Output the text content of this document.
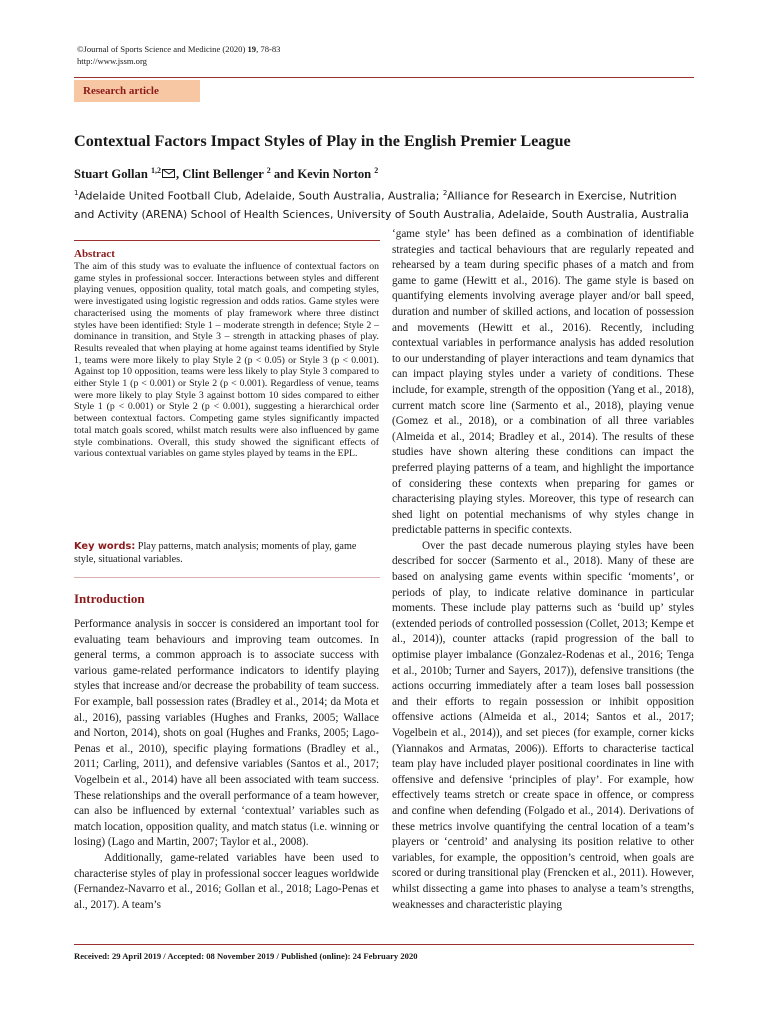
©Journal of Sports Science and Medicine (2020) 19, 78-83
http://www.jssm.org
Research article
Contextual Factors Impact Styles of Play in the English Premier League
Stuart Gollan $^{1,2}$ , Clint Bellenger $^2$ and Kevin Norton $^2$
$^1$Adelaide United Football Club, Adelaide, South Australia, Australia; $^2$Alliance for Research in Exercise, Nutrition and Activity (ARENA) School of Health Sciences, University of South Australia, Adelaide, South Australia, Australia
Abstract
The aim of this study was to evaluate the influence of contextual factors on game styles in professional soccer. Interactions between styles and different playing venues, opposition quality, total match goals, and competing styles, were investigated using logistic regression and odds ratios. Game styles were characterised using the moments of play framework where three distinct styles have been identified: Style 1 – moderate strength in defence; Style 2 – dominance in transition, and Style 3 – strength in attacking phases of play. Results revealed that when playing at home against teams identified by Style 1, teams were more likely to play Style 2 (p < 0.05) or Style 3 (p < 0.001). Against top 10 opposition, teams were less likely to play Style 3 compared to either Style 1 (p < 0.001) or Style 2 (p < 0.001). Regardless of venue, teams were more likely to play Style 3 against bottom 10 sides compared to either Style 1 (p < 0.001) or Style 2 (p < 0.001), suggesting a hierarchical order between contextual factors. Competing game styles significantly impacted total match goals scored, whilst match results were also influenced by game style combinations. Overall, this study showed the significant effects of various contextual variables on game styles played by teams in the EPL.
Key words: Play patterns, match analysis; moments of play, game style, situational variables.
Introduction

Performance analysis in soccer is considered an important tool for evaluating team behaviours and improving team outcomes. In general terms, a common approach is to associate success with various game-related performance indicators to identify playing styles that increase and/or decrease the probability of team success. For example, ball possession rates (Bradley et al., 2014; da Mota et al., 2016), passing variables (Hughes and Franks, 2005; Wallace and Norton, 2014), shots on goal (Hughes and Franks, 2005; Lago-Penas et al., 2010), specific playing formations (Bradley et al., 2011; Carling, 2011), and defensive variables (Santos et al., 2017; Vogelbein et al., 2014) have all been associated with team success. These relationships and the overall performance of a team however, can also be influenced by external ‘contextual’ variables such as match location, opposition quality, and match status (i.e. winning or losing) (Lago and Martin, 2007; Taylor et al., 2008).

Additionally, game-related variables have been used to characterise styles of play in professional soccer leagues worldwide (Fernandez-Navarro et al., 2016; Gollan et al., 2018; Lago-Penas et al., 2017). A team’s

‘game style’ has been defined as a combination of identifiable strategies and tactical behaviours that are regularly repeated and rehearsed by a team during specific phases of a match and from game to game (Hewitt et al., 2016). The game style is based on quantifying elements involving average player and/or ball speed, duration and number of skilled actions, and location of possession and movements (Hewitt et al., 2016). Recently, including contextual variables in performance analysis has added resolution to our understanding of player interactions and team dynamics that can impact playing styles under a variety of conditions. These include, for example, strength of the opposition (Yang et al., 2018), current match score line (Sarmento et al., 2018), playing venue (Gomez et al., 2018), or a combination of all three variables (Almeida et al., 2014; Bradley et al., 2014). The results of these studies have shown altering these conditions can impact the preferred playing patterns of a team, and highlight the importance of considering these contexts when preparing for games or characterising playing styles. Moreover, this type of research can shed light on potential mechanisms of why styles change in predictable patterns in specific contexts.

Over the past decade numerous playing styles have been described for soccer (Sarmento et al., 2018). Many of these are based on analysing game events within specific ‘moments’, or periods of play, to indicate relative dominance in particular moments. These include play patterns such as ‘build up’ styles (extended periods of controlled possession (Collet, 2013; Kempe et al., 2014)), counter attacks (rapid progression of the ball to optimise player imbalance (Gonzalez-Rodenas et al., 2016; Tenga et al., 2010b; Turner and Sayers, 2017)), defensive transitions (the actions occurring immediately after a team loses ball possession and their efforts to regain possession or inhibit opposition offensive actions (Almeida et al., 2014; Santos et al., 2017; Vogelbein et al., 2014)), and set pieces (for example, corner kicks (Yiannakos and Armatas, 2006)). Efforts to characterise tactical team play have included player positional coordinates in line with offensive and defensive ‘principles of play’. For example, how effectively teams stretch or create space in offence, or compress and confine when defending (Folgado et al., 2014). Derivations of these metrics involve quantifying the central location of a team’s players or ‘centroid’ and analysing its position relative to other variables, for example, the opposition’s centroid, when goals are scored or during transitional play (Frencken et al., 2011). However, whilst dissecting a game into phases to analyse a team’s strengths, weaknesses and characteristic playing

Received: 29 April 2019 / Accepted: 08 November 2019 / Published (online): 24 February 2020
